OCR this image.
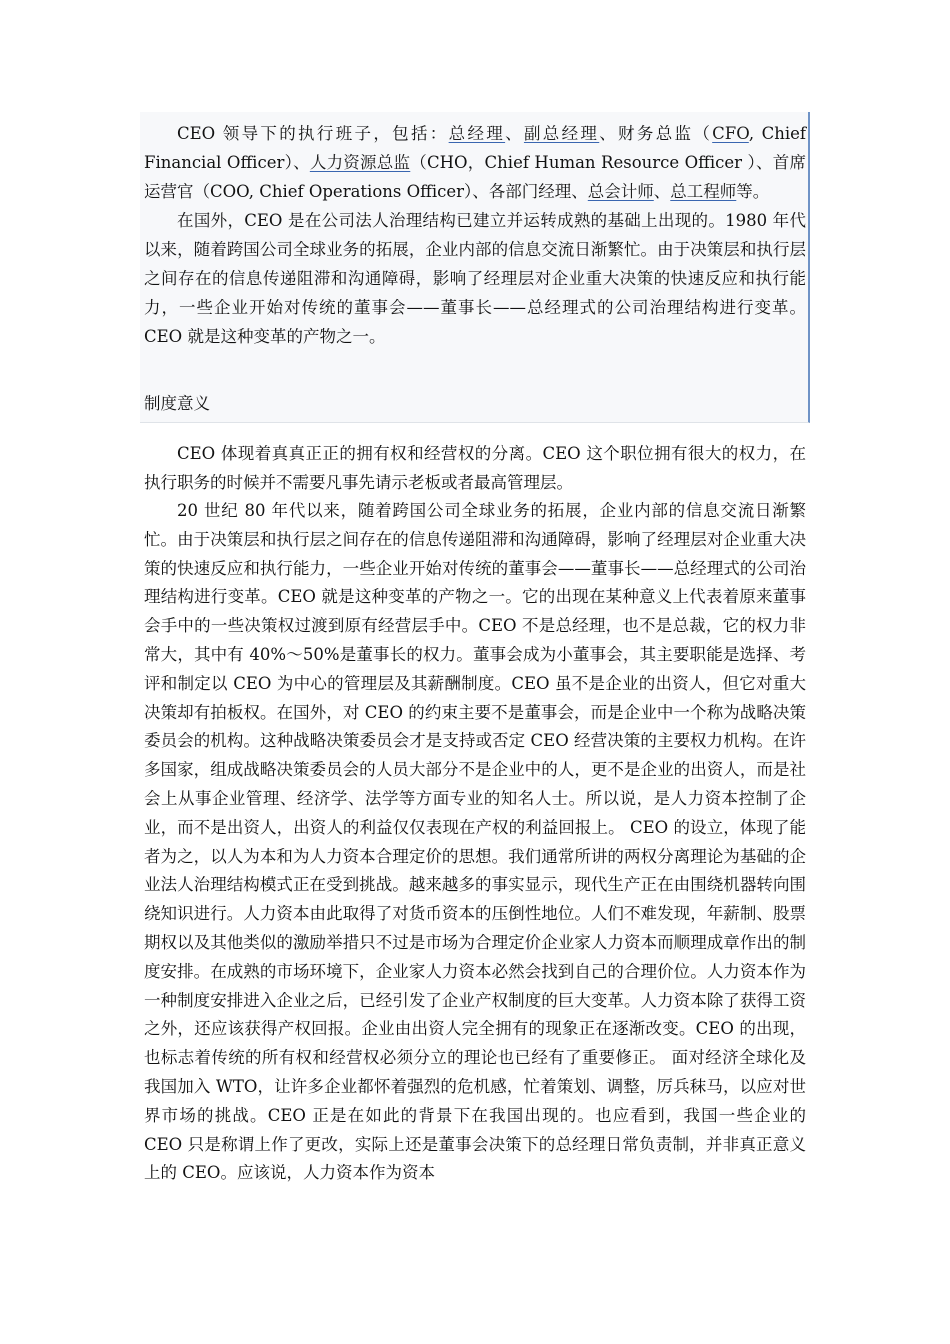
CEO 领导下的执行班子，包括：总经理、副总经理、财务总监（CFO, Chief Financial Officer）、人力资源总监（CHO，Chief Human Resource Officer ）、首席运营官（COO, Chief Operations Officer）、各部门经理、总会计师、总工程师等。

在国外，CEO 是在公司法人治理结构已建立并运转成熟的基础上出现的。1980 年代以来，随着跨国公司全球业务的拓展，企业内部的信息交流日渐繁忙。由于决策层和执行层之间存在的信息传递阻滞和沟通障碍，影响了经理层对企业重大决策的快速反应和执行能力，一些企业开始对传统的董事会——董事长——总经理式的公司治理结构进行变革。CEO 就是这种变革的产物之一。

制度意义

CEO 体现着真真正正的拥有权和经营权的分离。CEO 这个职位拥有很大的权力，在执行职务的时候并不需要凡事先请示老板或者最高管理层。

20 世纪 80 年代以来，随着跨国公司全球业务的拓展，企业内部的信息交流日渐繁忙。由于决策层和执行层之间存在的信息传递阻滞和沟通障碍，影响了经理层对企业重大决策的快速反应和执行能力，一些企业开始对传统的董事会——董事长——总经理式的公司治理结构进行变革。CEO 就是这种变革的产物之一。它的出现在某种意义上代表着原来董事会手中的一些决策权过渡到原有经营层手中。CEO 不是总经理，也不是总裁，它的权力非常大，其中有 40%～50%是董事长的权力。董事会成为小董事会，其主要职能是选择、考评和制定以 CEO 为中心的管理层及其薪酬制度。CEO 虽不是企业的出资人，但它对重大决策却有拍板权。在国外，对 CEO 的约束主要不是董事会，而是企业中一个称为战略决策委员会的机构。这种战略决策委员会才是支持或否定 CEO 经营决策的主要权力机构。在许多国家，组成战略决策委员会的人员大部分不是企业中的人，更不是企业的出资人，而是社会上从事企业管理、经济学、法学等方面专业的知名人士。所以说，是人力资本控制了企业，而不是出资人，出资人的利益仅仅表现在产权的利益回报上。 CEO 的设立，体现了能者为之，以人为本和为人力资本合理定价的思想。我们通常所讲的两权分离理论为基础的企业法人治理结构模式正在受到挑战。越来越多的事实显示，现代生产正在由围绕机器转向围绕知识进行。人力资本由此取得了对货币资本的压倒性地位。人们不难发现，年薪制、股票期权以及其他类似的激励举措只不过是市场为合理定价企业家人力资本而顺理成章作出的制度安排。在成熟的市场环境下，企业家人力资本必然会找到自己的合理价位。人力资本作为一种制度安排进入企业之后，已经引发了企业产权制度的巨大变革。人力资本除了获得工资之外，还应该获得产权回报。企业由出资人完全拥有的现象正在逐渐改变。CEO 的出现，也标志着传统的所有权和经营权必须分立的理论也已经有了重要修正。 面对经济全球化及我国加入 WTO，让许多企业都怀着强烈的危机感，忙着策划、调整，厉兵秣马，以应对世界市场的挑战。CEO 正是在如此的背景下在我国出现的。也应看到，我国一些企业的 CEO 只是称谓上作了更改，实际上还是董事会决策下的总经理日常负责制，并非真正意义上的 CEO。应该说，人力资本作为资本
